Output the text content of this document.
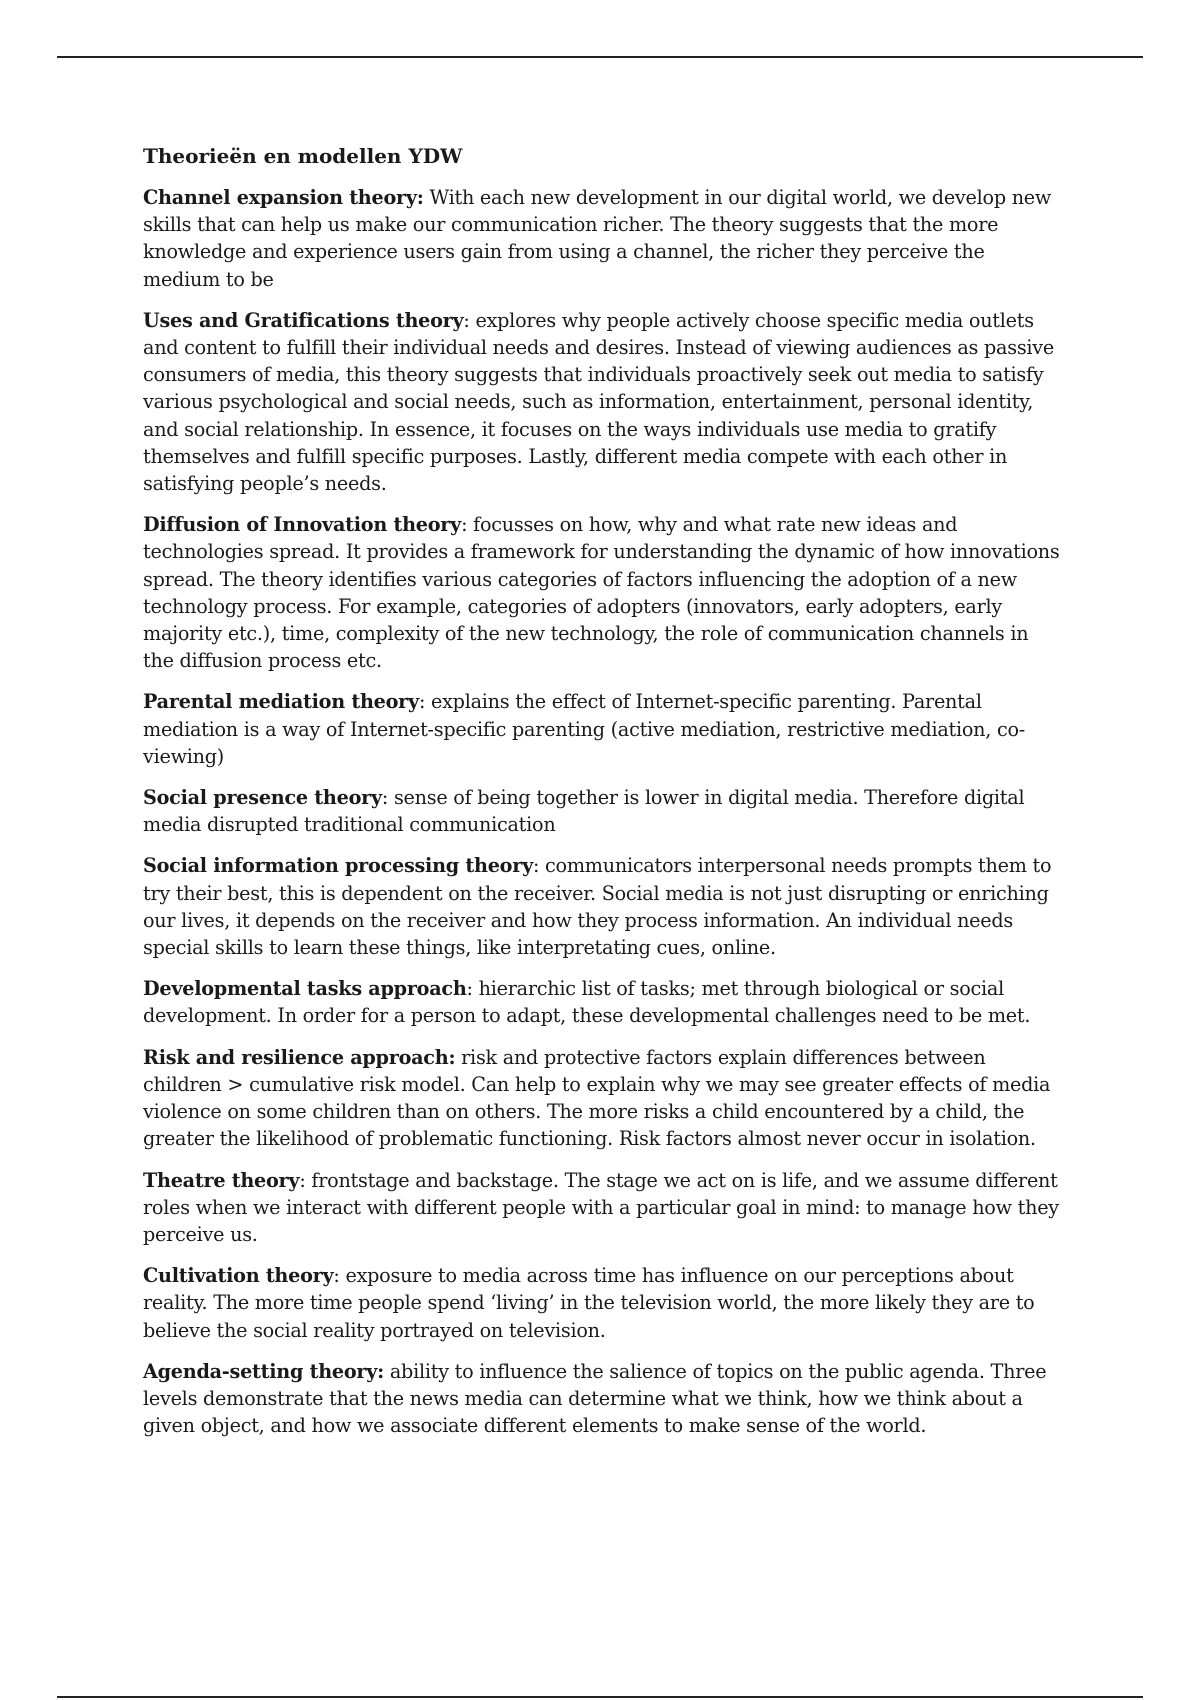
Theorieën en modellen YDW

Channel expansion theory: With each new development in our digital world, we develop new skills that can help us make our communication richer. The theory suggests that the more knowledge and experience users gain from using a channel, the richer they perceive the medium to be

Uses and Gratifications theory: explores why people actively choose specific media outlets and content to fulfill their individual needs and desires. Instead of viewing audiences as passive consumers of media, this theory suggests that individuals proactively seek out media to satisfy various psychological and social needs, such as information, entertainment, personal identity, and social relationship. In essence, it focuses on the ways individuals use media to gratify themselves and fulfill specific purposes. Lastly, different media compete with each other in satisfying people’s needs.

Diffusion of Innovation theory: focusses on how, why and what rate new ideas and technologies spread. It provides a framework for understanding the dynamic of how innovations spread. The theory identifies various categories of factors influencing the adoption of a new technology process. For example, categories of adopters (innovators, early adopters, early majority etc.), time, complexity of the new technology, the role of communication channels in the diffusion process etc.

Parental mediation theory: explains the effect of Internet-specific parenting. Parental mediation is a way of Internet-specific parenting (active mediation, restrictive mediation, co-viewing)

Social presence theory: sense of being together is lower in digital media. Therefore digital media disrupted traditional communication

Social information processing theory: communicators interpersonal needs prompts them to try their best, this is dependent on the receiver. Social media is not just disrupting or enriching our lives, it depends on the receiver and how they process information. An individual needs special skills to learn these things, like interpretating cues, online.

Developmental tasks approach: hierarchic list of tasks; met through biological or social development. In order for a person to adapt, these developmental challenges need to be met.

Risk and resilience approach: risk and protective factors explain differences between children > cumulative risk model. Can help to explain why we may see greater effects of media violence on some children than on others. The more risks a child encountered by a child, the greater the likelihood of problematic functioning. Risk factors almost never occur in isolation.

Theatre theory: frontstage and backstage. The stage we act on is life, and we assume different roles when we interact with different people with a particular goal in mind: to manage how they perceive us.

Cultivation theory: exposure to media across time has influence on our perceptions about reality. The more time people spend ‘living’ in the television world, the more likely they are to believe the social reality portrayed on television.

Agenda-setting theory: ability to influence the salience of topics on the public agenda. Three levels demonstrate that the news media can determine what we think, how we think about a given object, and how we associate different elements to make sense of the world.
